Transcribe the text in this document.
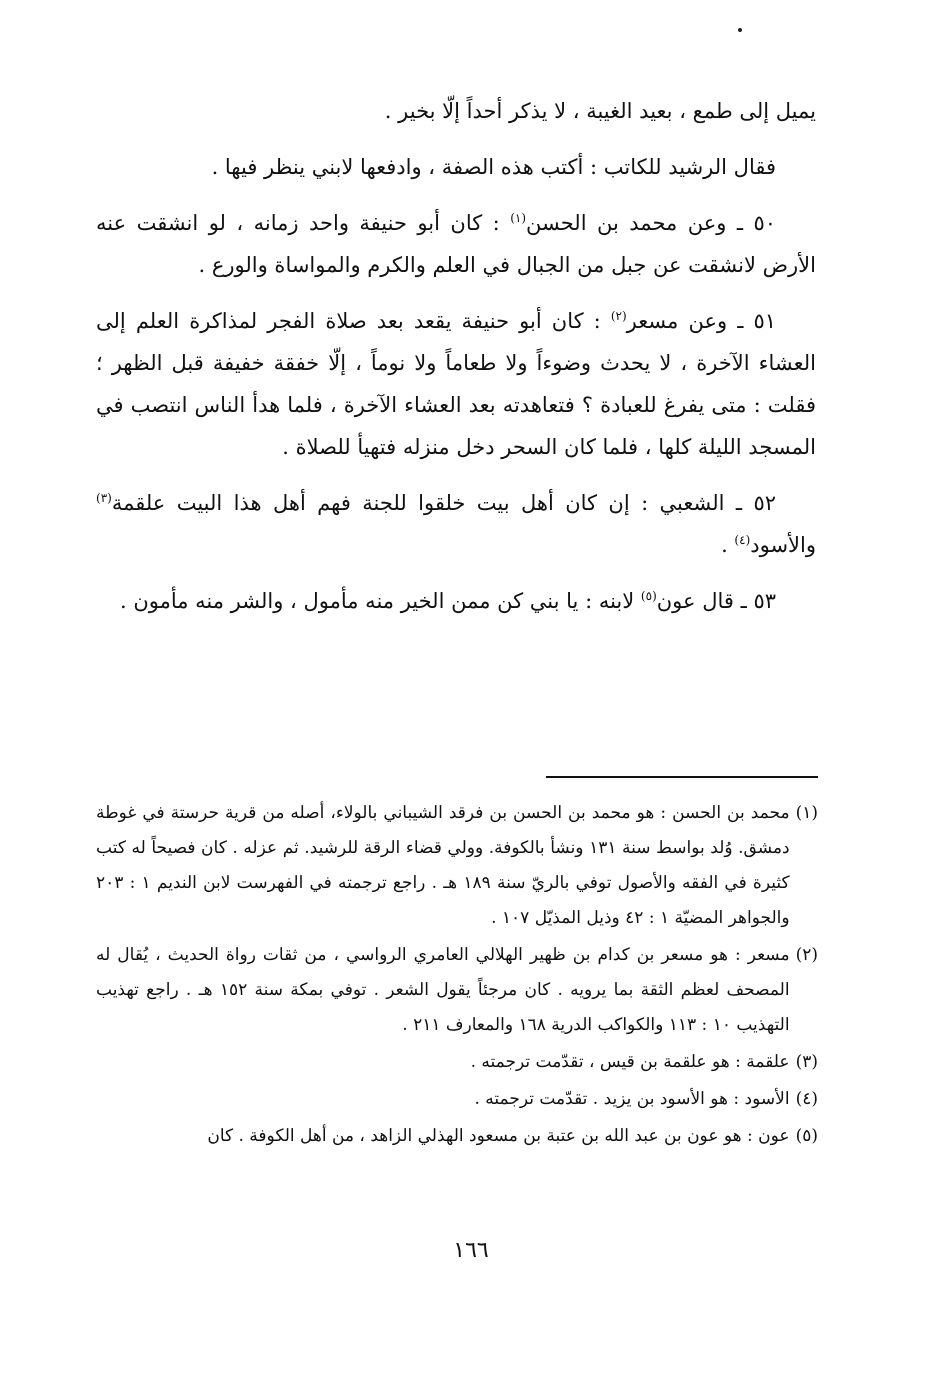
يميل إلى طمع ، بعيد الغيبة ، لا يذكر أحداً إلّا بخير .

فقال الرشيد للكاتب : أكتب هذه الصفة ، وادفعها لابني ينظر فيها .

٥٠ ـ وعن محمد بن الحسن$^{(١)}$ : كان أبو حنيفة واحد زمانه ، لو انشقت عنه الأرض لانشقت عن جبل من الجبال في العلم والكرم والمواساة والورع .

٥١ ـ وعن مسعر$^{(٢)}$ : كان أبو حنيفة يقعد بعد صلاة الفجر لمذاكرة العلم إلى العشاء الآخرة ، لا يحدث وضوءاً ولا طعاماً ولا نوماً ، إلّا خفقة خفيفة قبل الظهر ؛ فقلت : متى يفرغ للعبادة ؟ فتعاهدته بعد العشاء الآخرة ، فلما هدأ الناس انتصب في المسجد الليلة كلها ، فلما كان السحر دخل منزله فتهيأ للصلاة .

٥٢ ـ الشعبي : إن كان أهل بيت خلقوا للجنة فهم أهل هذا البيت علقمة$^{(٣)}$ والأسود$^{(٤)}$ .

٥٣ ـ قال عون$^{(٥)}$ لابنه : يا بني كن ممن الخير منه مأمول ، والشر منه مأمون .

(١)
محمد بن الحسن : هو محمد بن الحسن بن فرقد الشيباني بالولاء، أصله من قرية حرستة في غوطة دمشق. وُلد بواسط سنة ١٣١ ونشأ بالكوفة. وولي قضاء الرقة للرشيد. ثم عزله . كان فصيحاً له كتب كثيرة في الفقه والأصول توفي بالريّ سنة ١٨٩ هـ . راجع ترجمته في الفهرست لابن النديم ١ : ٢٠٣ والجواهر المضيّة ١ : ٤٢ وذيل المذيّل ١٠٧ .
(٢)
مسعر : هو مسعر بن كدام بن ظهير الهلالي العامري الرواسي ، من ثقات رواة الحديث ، يُقال له المصحف لعظم الثقة بما يرويه . كان مرجئاً يقول الشعر . توفي بمكة سنة ١٥٢ هـ . راجع تهذيب التهذيب ١٠ : ١١٣ والكواكب الدرية ١٦٨ والمعارف ٢١١ .
(٣)
علقمة : هو علقمة بن قيس ، تقدّمت ترجمته .
(٤)
الأسود : هو الأسود بن يزيد . تقدّمت ترجمته .
(٥)
عون : هو عون بن عبد الله بن عتبة بن مسعود الهذلي الزاهد ، من أهل الكوفة . كان
١٦٦
